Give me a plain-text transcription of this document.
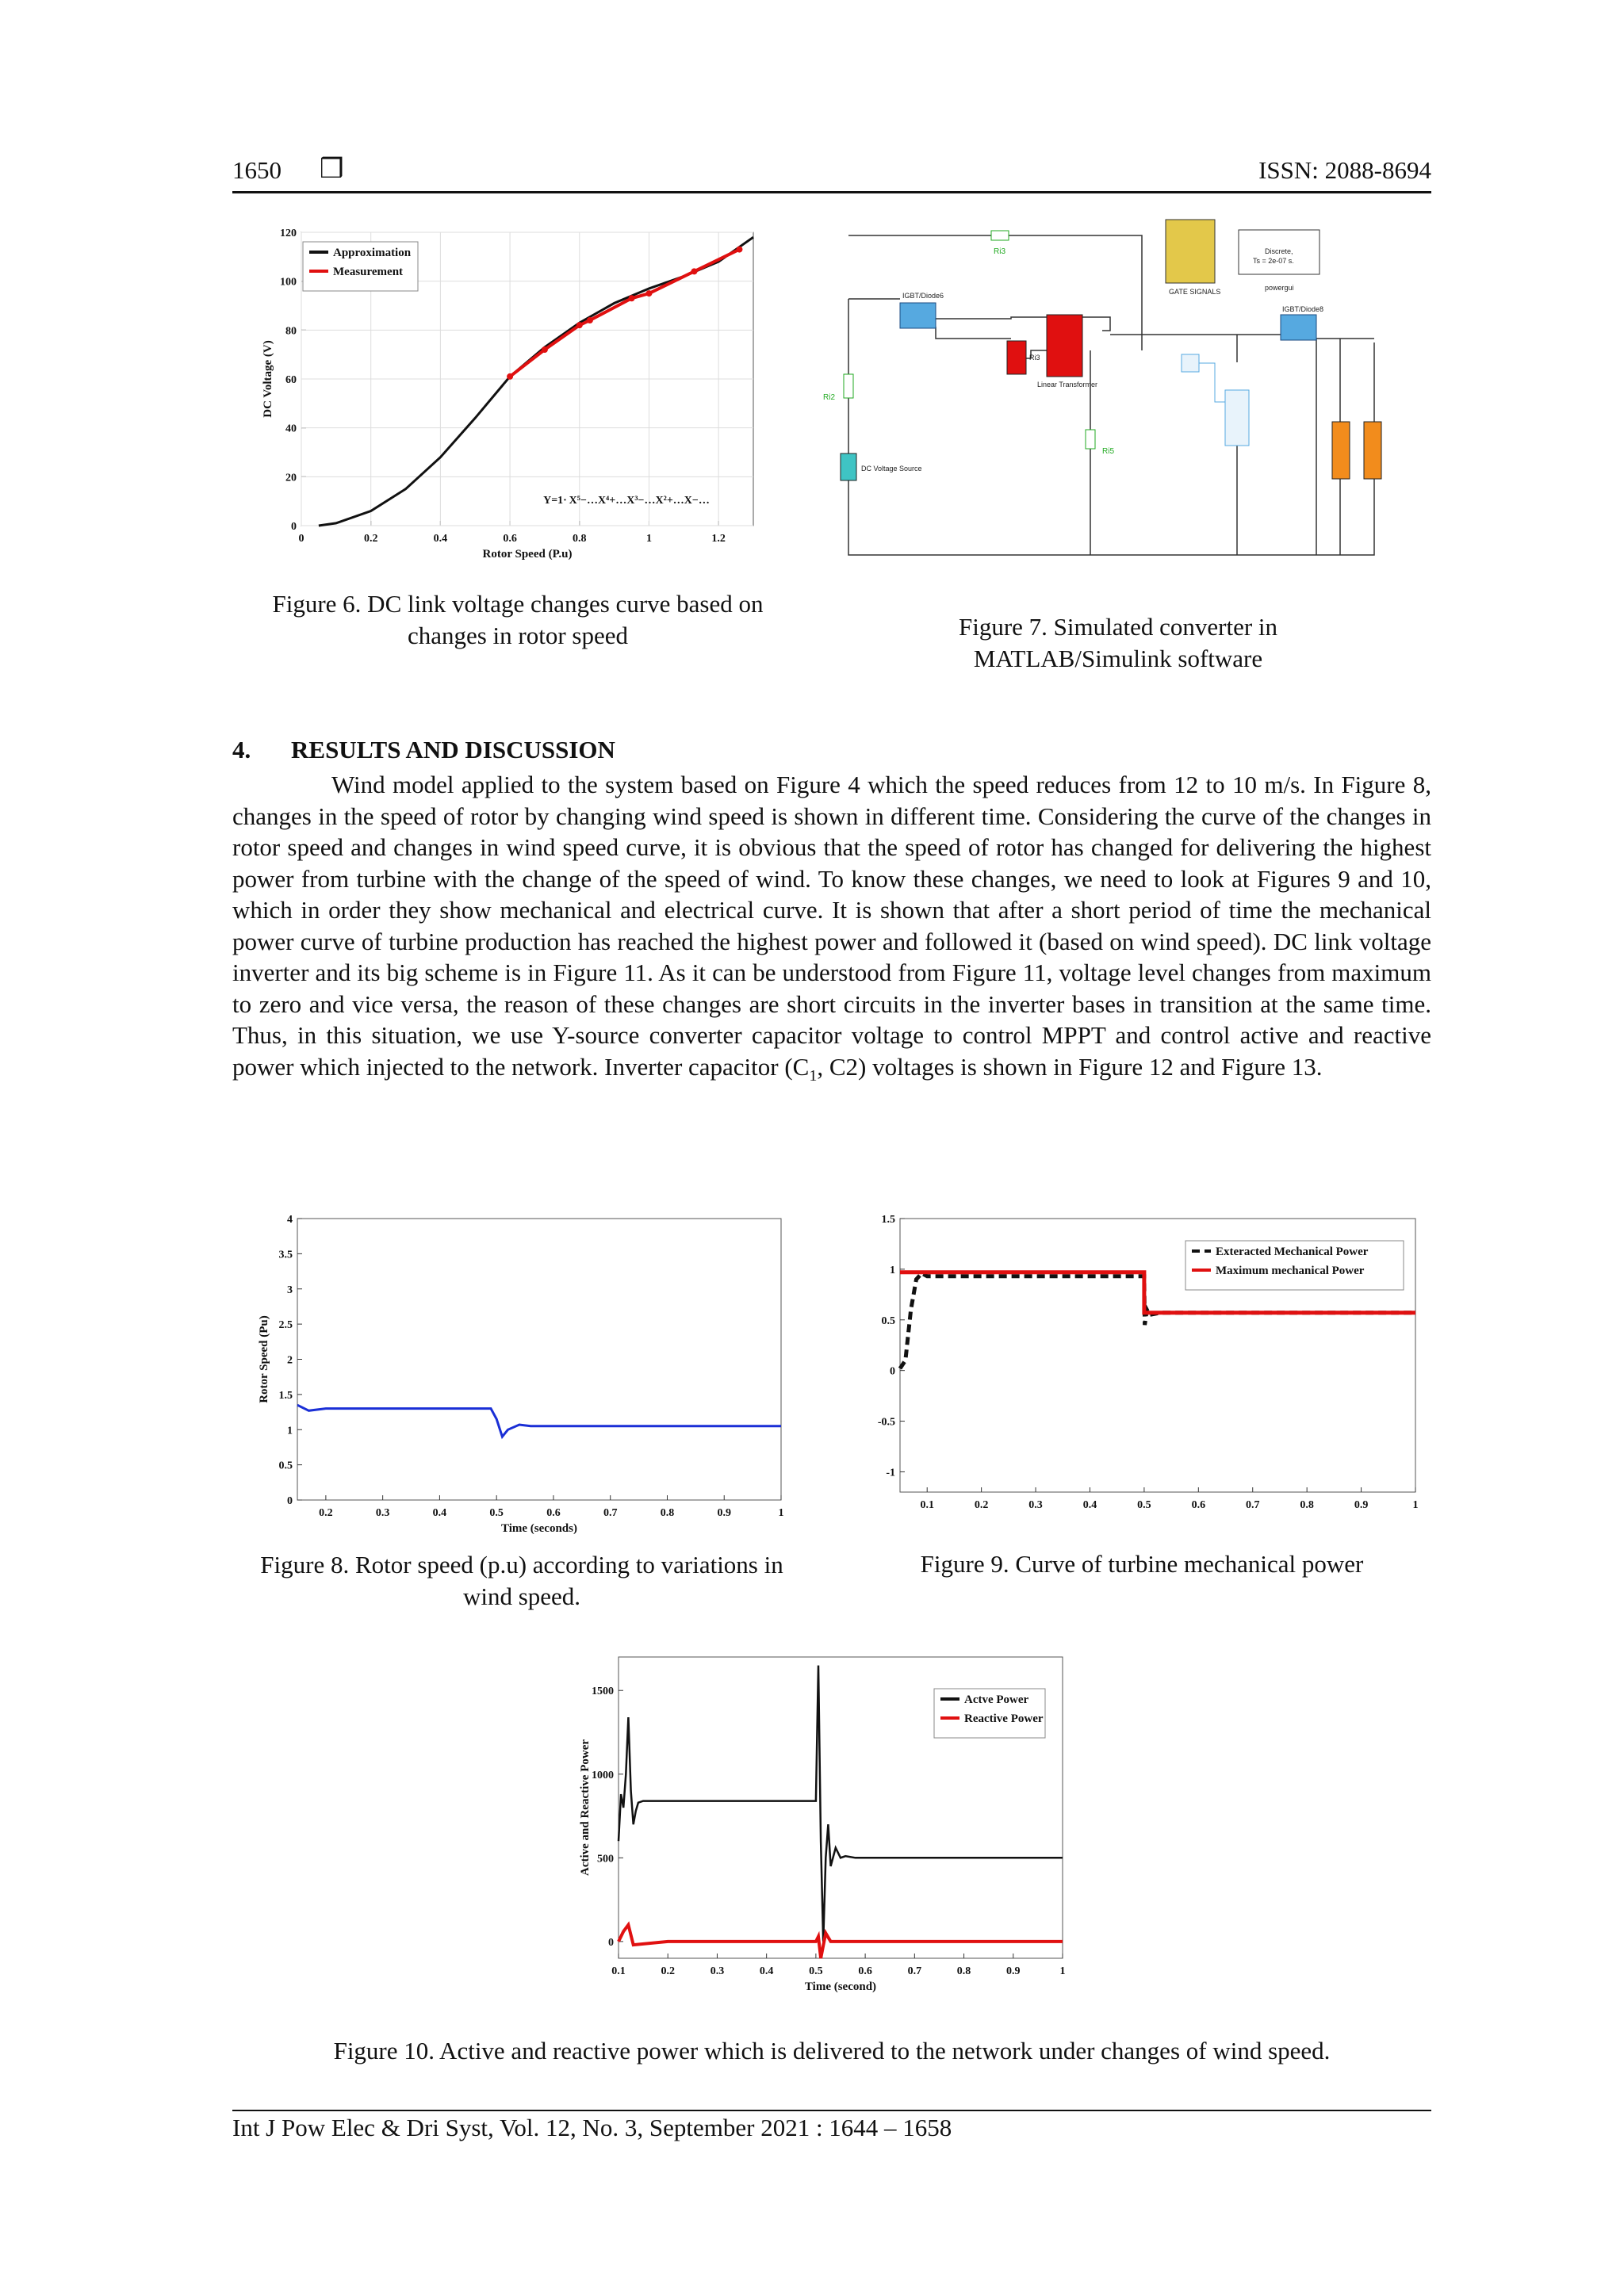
1650 ❒	ISSN: 2088-8694
0	0.2	0.4	0.6	0.8	1	1.2
0
20
40
60
80
100
120
Rotor Speed (P.u)
DC Voltage (V)
Approximation
Measurement
Y=1· X⁵−…X⁴+…X³−…X²+…X−…
Figure 6. DC link voltage changes curve based on
changes in rotor speed
Ri3
Ri2
DC Voltage Source
IGBT/Diode6
Linear Transformer
Ri3
Ri5
GATE SIGNALS
Discrete,
Ts = 2e-07 s.
powergui
IGBT/Diode8
Figure 7. Simulated converter in
MATLAB/Simulink software
4. RESULTS AND DISCUSSION

Wind model applied to the system based on Figure 4 which the speed reduces from 12 to 10 m/s. In Figure 8, changes in the speed of rotor by changing wind speed is shown in different time. Considering the curve of the changes in rotor speed and changes in wind speed curve, it is obvious that the speed of rotor has changed for delivering the highest power from turbine with the change of the speed of wind. To know these changes, we need to look at Figures 9 and 10, which in order they show mechanical and electrical curve. It is shown that after a short period of time the mechanical power curve of turbine production has reached the highest power and followed it (based on wind speed). DC link voltage inverter and its big scheme is in Figure 11. As it can be understood from Figure 11, voltage level changes from maximum to zero and vice versa, the reason of these changes are short circuits in the inverter bases in transition at the same time. Thus, in this situation, we use Y-source converter capacitor voltage to control MPPT and control active and reactive power which injected to the network. Inverter capacitor ($C_1$, C2) voltages is shown in Figure 12 and Figure 13.

0.2	0.3	0.4	0.5	0.6	0.7	0.8	0.9	1
0
0.5
1
1.5
2
2.5
3
3.5
4
Time (seconds)
Rotor Speed (Pu)
Figure 8. Rotor speed (p.u) according to variations in
wind speed.
0.1	0.2	0.3	0.4	0.5	0.6	0.7	0.8	0.9	1
-1
-0.5
0
0.5
1
1.5
Exteracted Mechanical Power
Maximum mechanical Power
Figure 9. Curve of turbine mechanical power
0.1	0.2	0.3	0.4	0.5	0.6	0.7	0.8	0.9	1
0
500
1000
1500
Time (second)
Active and Reactive Power
Actve Power
Reactive Power
Figure 10. Active and reactive power which is delivered to the network under changes of wind speed.
Int J Pow Elec & Dri Syst, Vol. 12, No. 3, September 2021 : 1644 – 1658
